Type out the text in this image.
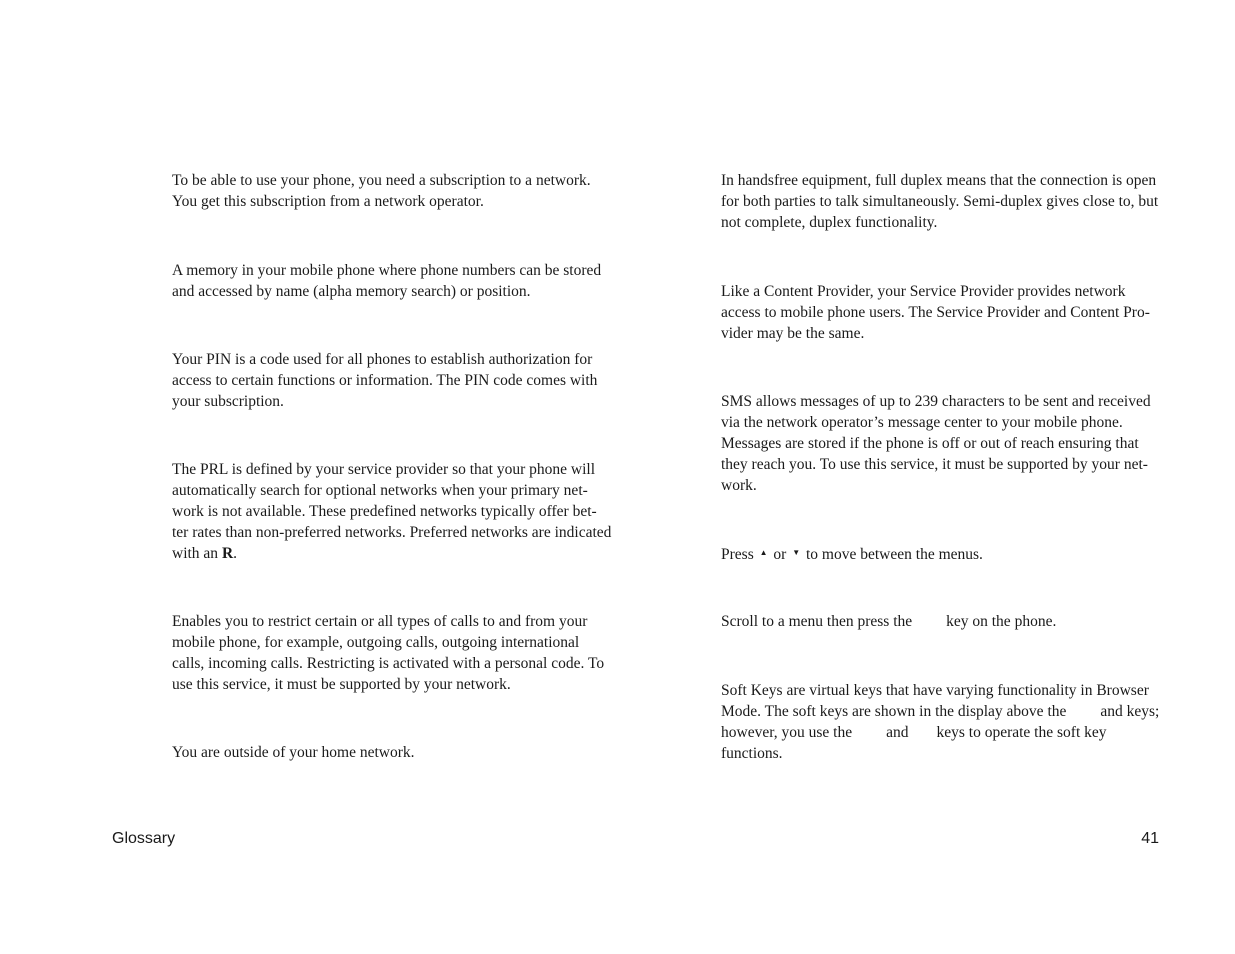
To be able to use your phone, you need a subscription to a network. You get this subscription from a network operator.

A memory in your mobile phone where phone numbers can be stored and accessed by name (alpha memory search) or position.

Your PIN is a code used for all phones to establish authorization for access to certain functions or information. The PIN code comes with your subscription.

The PRL is defined by your service provider so that your phone will automatically search for optional networks when your primary net-work is not available. These predefined networks typically offer bet-ter rates than non-preferred networks. Preferred networks are indicated with an R.

Enables you to restrict certain or all types of calls to and from your mobile phone, for example, outgoing calls, outgoing international calls, incoming calls. Restricting is activated with a personal code. To use this service, it must be supported by your network.

You are outside of your home network.

In handsfree equipment, full duplex means that the connection is open for both parties to talk simultaneously. Semi-duplex gives close to, but not complete, duplex functionality.

Like a Content Provider, your Service Provider provides network access to mobile phone users. The Service Provider and Content Pro-vider may be the same.

SMS allows messages of up to 239 characters to be sent and received via the network operator’s message center to your mobile phone. Messages are stored if the phone is off or out of reach ensuring that they reach you. To use this service, it must be supported by your net-work.

Press ▲ or ▼ to move between the menus.

Scroll to a menu then press the key on the phone.

Soft Keys are virtual keys that have varying functionality in Browser Mode. The soft keys are shown in the display above the and keys; however, you use the and keys to operate the soft key functions.

Glossary	41
